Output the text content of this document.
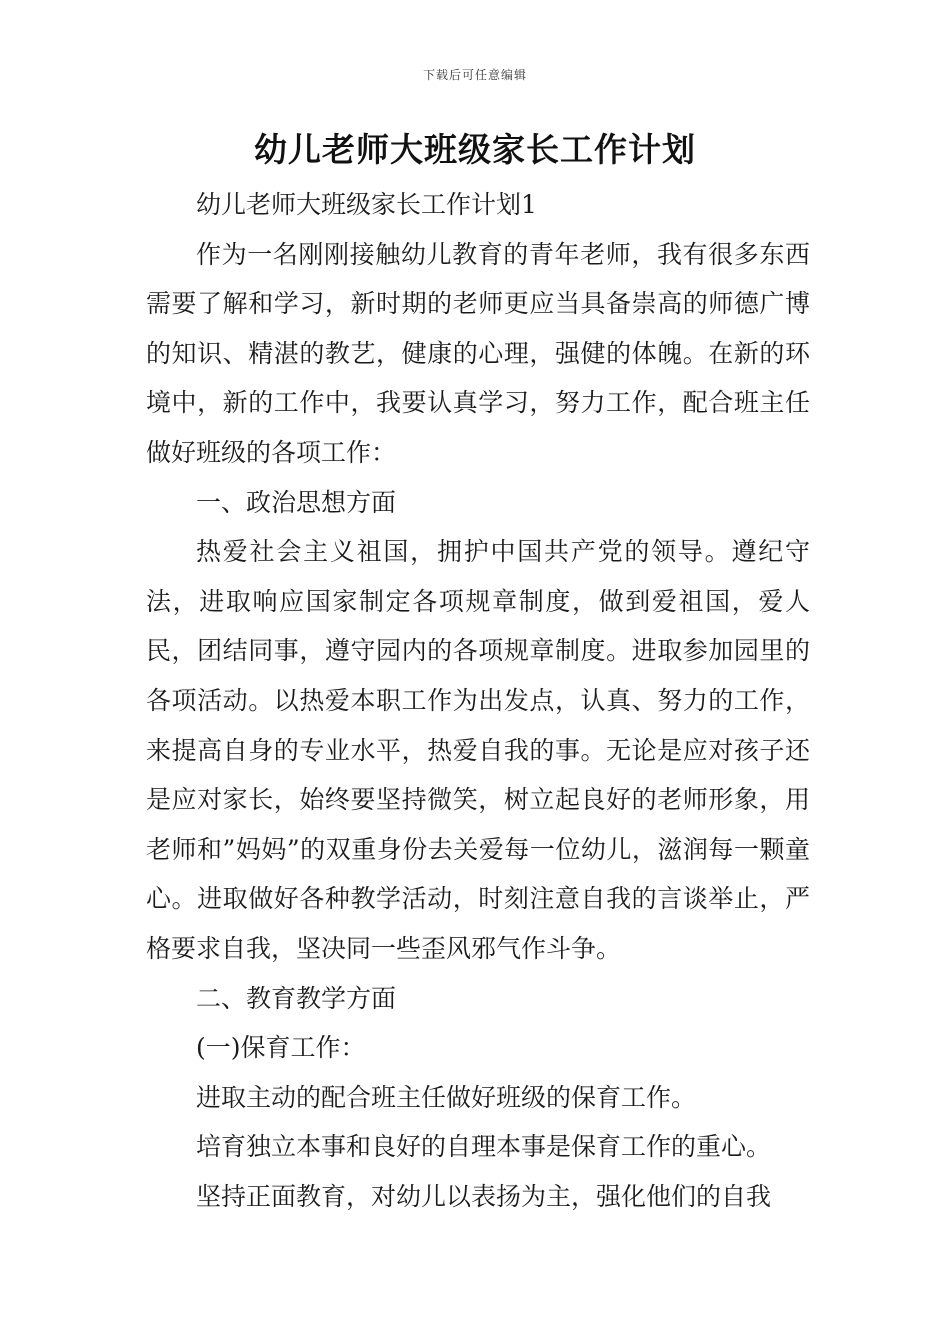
下载后可任意编辑
幼儿老师大班级家长工作计划

幼儿老师大班级家长工作计划1

作为一名刚刚接触幼儿教育的青年老师，我有很多东西需要了解和学习，新时期的老师更应当具备崇高的师德广博的知识、精湛的教艺，健康的心理，强健的体魄。在新的环境中，新的工作中，我要认真学习，努力工作，配合班主任做好班级的各项工作：

一、政治思想方面

热爱社会主义祖国，拥护中国共产党的领导。遵纪守法，进取响应国家制定各项规章制度，做到爱祖国，爱人民，团结同事，遵守园内的各项规章制度。进取参加园里的各项活动。以热爱本职工作为出发点，认真、努力的工作，来提高自身的专业水平，热爱自我的事。无论是应对孩子还是应对家长，始终要坚持微笑，树立起良好的老师形象，用老师和”妈妈”的双重身份去关爱每一位幼儿，滋润每一颗童心。进取做好各种教学活动，时刻注意自我的言谈举止，严格要求自我，坚决同一些歪风邪气作斗争。

二、教育教学方面

(一)保育工作：

进取主动的配合班主任做好班级的保育工作。

培育独立本事和良好的自理本事是保育工作的重心。

坚持正面教育，对幼儿以表扬为主，强化他们的自我
